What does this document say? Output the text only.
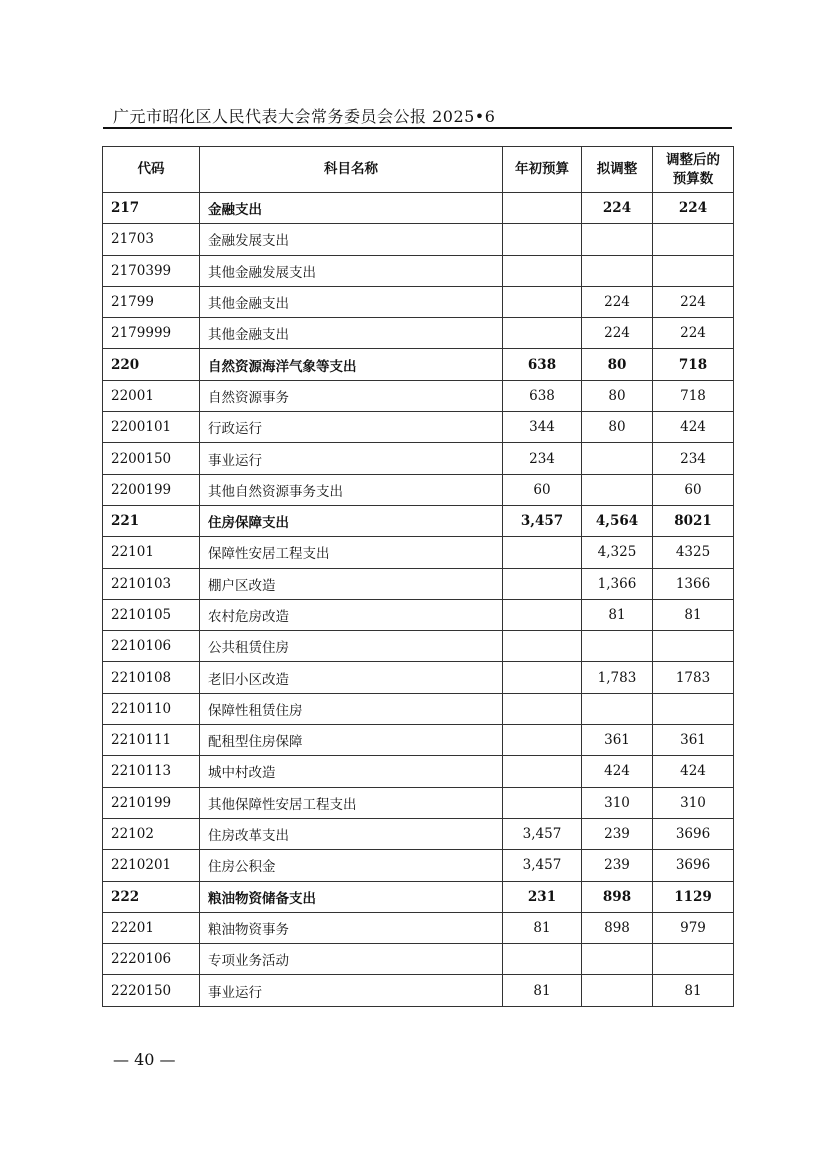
广元市昭化区人民代表大会常务委员会公报 2025•6
代码	科目名称	年初预算	拟调整	调整后的
预算数
217	金融支出		224	224
21703	金融发展支出			
2170399	其他金融发展支出			
21799	其他金融支出		224	224
2179999	其他金融支出		224	224
220	自然资源海洋气象等支出	638	80	718
22001	自然资源事务	638	80	718
2200101	行政运行	344	80	424
2200150	事业运行	234		234
2200199	其他自然资源事务支出	60		60
221	住房保障支出	3,457	4,564	8021
22101	保障性安居工程支出		4,325	4325
2210103	棚户区改造		1,366	1366
2210105	农村危房改造		81	81
2210106	公共租赁住房			
2210108	老旧小区改造		1,783	1783
2210110	保障性租赁住房			
2210111	配租型住房保障		361	361
2210113	城中村改造		424	424
2210199	其他保障性安居工程支出		310	310
22102	住房改革支出	3,457	239	3696
2210201	住房公积金	3,457	239	3696
222	粮油物资储备支出	231	898	1129
22201	粮油物资事务	81	898	979
2220106	专项业务活动			
2220150	事业运行	81		81
— 40 —
